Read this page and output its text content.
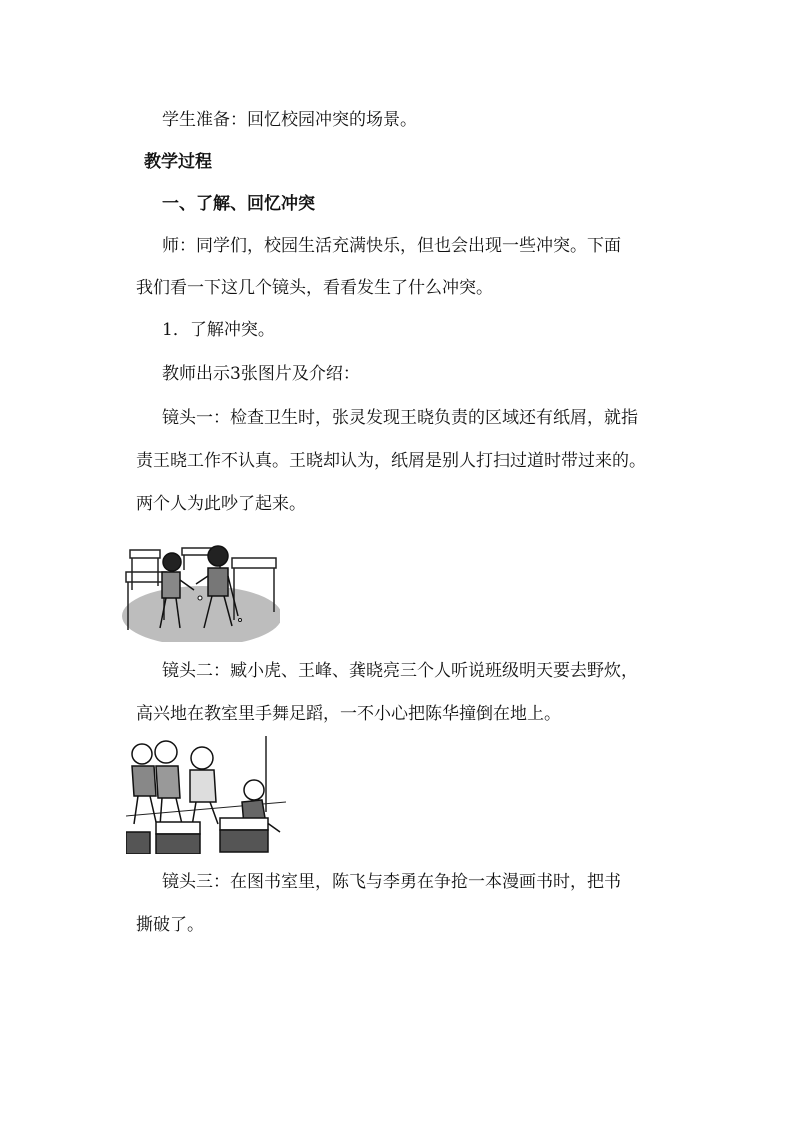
学生准备：回忆校园冲突的场景。
教学过程
一、了解、回忆冲突
师：同学们，校园生活充满快乐，但也会出现一些冲突。下面
我们看一下这几个镜头，看看发生了什么冲突。
1．了解冲突。
教师出示3张图片及介绍：
镜头一：检查卫生时，张灵发现王晓负责的区域还有纸屑，就指
责王晓工作不认真。王晓却认为，纸屑是别人打扫过道时带过来的。
两个人为此吵了起来。
镜头二：臧小虎、王峰、龚晓亮三个人听说班级明天要去野炊，
高兴地在教室里手舞足蹈，一不小心把陈华撞倒在地上。
镜头三：在图书室里，陈飞与李勇在争抢一本漫画书时，把书
撕破了。
